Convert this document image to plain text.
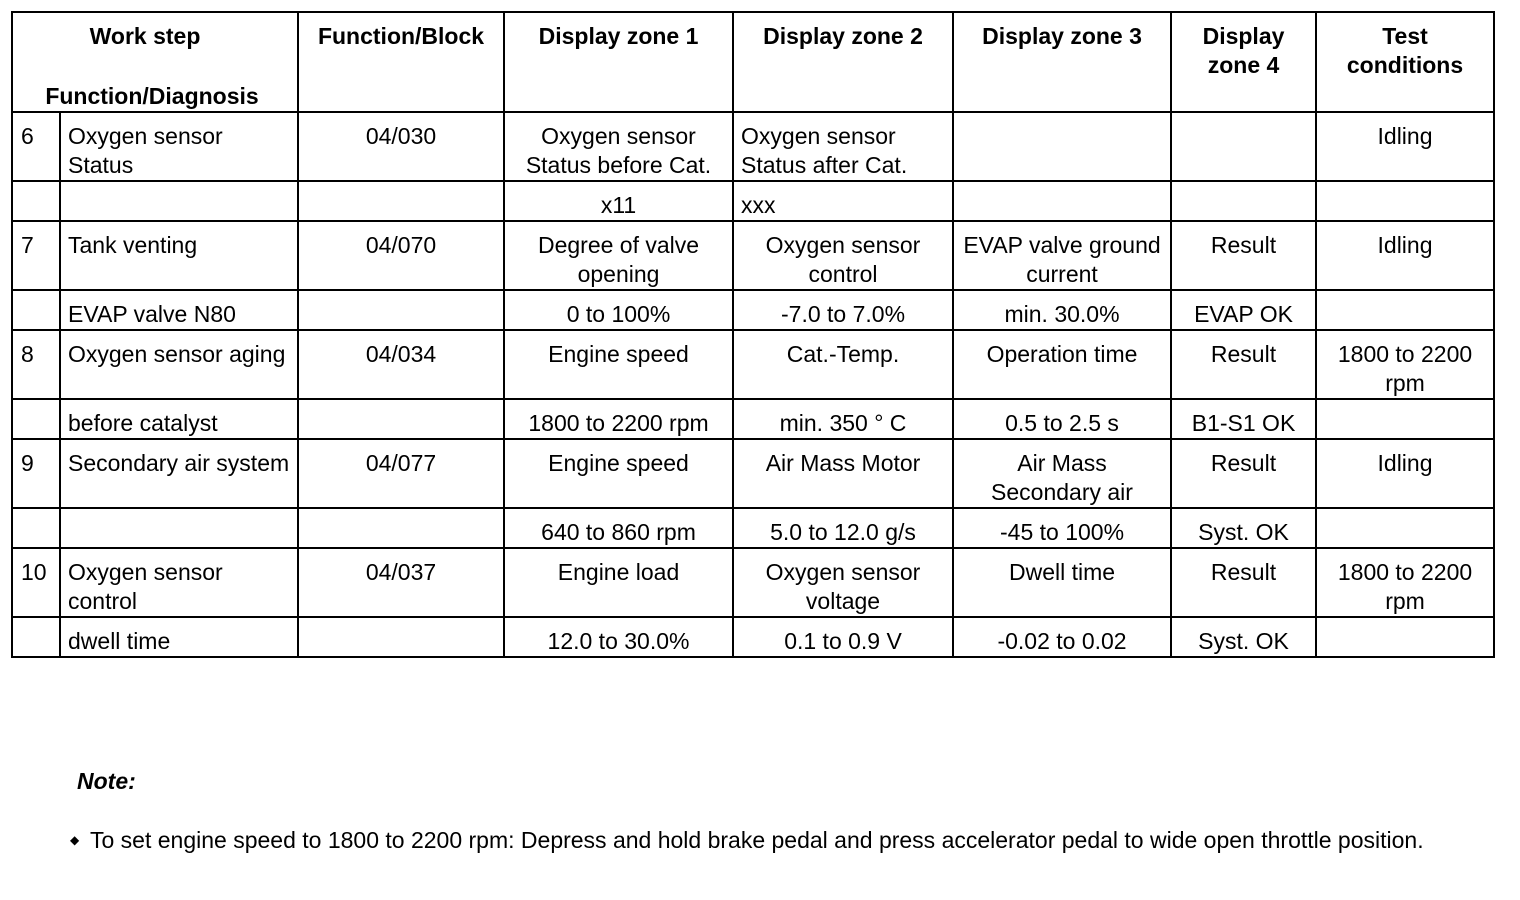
Work step
Function/Diagnosis		Function/Block	Display zone 1	Display zone 2	Display zone 3	Display zone 4	Test conditions
6	Oxygen sensor Status	04/030	Oxygen sensor Status before Cat.	Oxygen sensor Status after Cat.			Idling
			x11	xxx			
7	Tank venting	04/070	Degree of valve opening	Oxygen sensor control	EVAP valve ground current	Result	Idling
	EVAP valve N80		0 to 100%	-7.0 to 7.0%	min. 30.0%	EVAP OK	
8	Oxygen sensor aging	04/034	Engine speed	Cat.-Temp.	Operation time	Result	1800 to 2200 rpm
	before catalyst		1800 to 2200 rpm	min. 350 ° C	0.5 to 2.5 s	B1-S1 OK	
9	Secondary air system	04/077	Engine speed	Air Mass Motor	Air Mass Secondary air	Result	Idling
			640 to 860 rpm	5.0 to 12.0 g/s	-45 to 100%	Syst. OK	
10	Oxygen sensor control	04/037	Engine load	Oxygen sensor voltage	Dwell time	Result	1800 to 2200 rpm
	dwell time		12.0 to 30.0%	0.1 to 0.9 V	-0.02 to 0.02	Syst. OK	
Note:
◆ To set engine speed to 1800 to 2200 rpm: Depress and hold brake pedal and press accelerator pedal to wide open throttle position.
